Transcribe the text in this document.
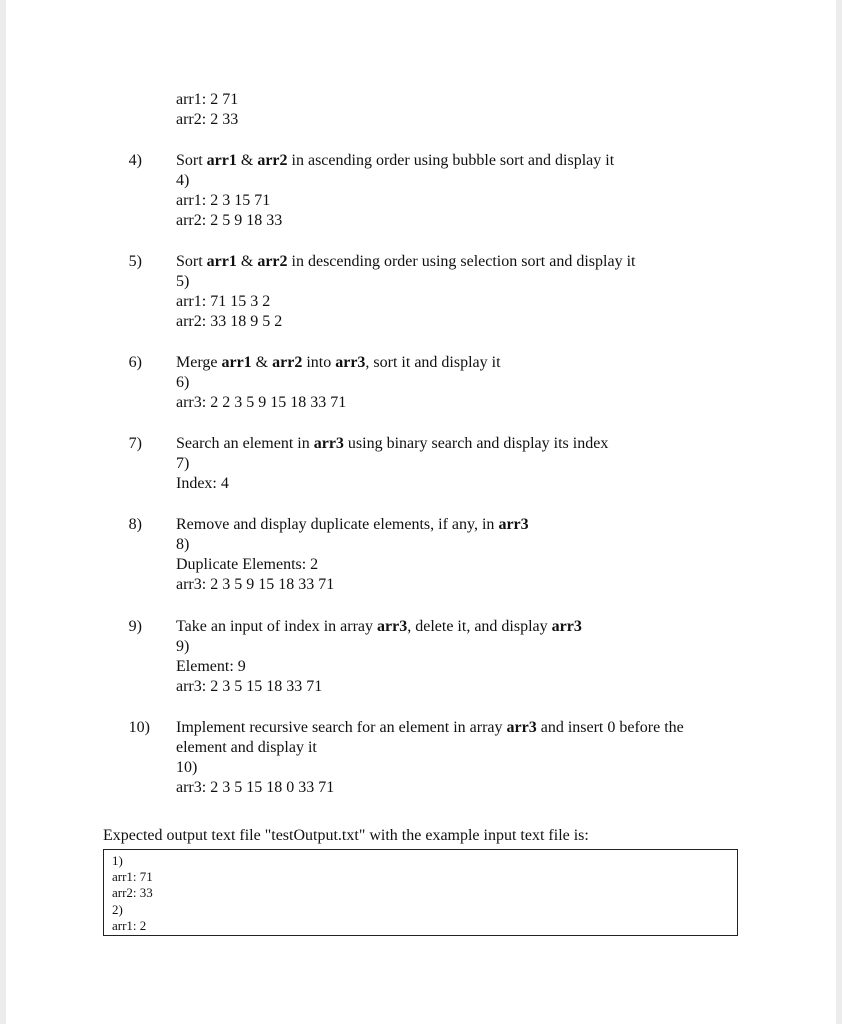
arr1: 2 71
arr2: 2 33
4) Sort arr1 & arr2 in ascending order using bubble sort and display it
4)
arr1: 2 3 15 71
arr2: 2 5 9 18 33
5) Sort arr1 & arr2 in descending order using selection sort and display it
5)
arr1: 71 15 3 2
arr2: 33 18 9 5 2
6) Merge arr1 & arr2 into arr3, sort it and display it
6)
arr3: 2 2 3 5 9 15 18 33 71
7) Search an element in arr3 using binary search and display its index
7)
Index: 4
8) Remove and display duplicate elements, if any, in arr3
8)
Duplicate Elements: 2
arr3: 2 3 5 9 15 18 33 71
9) Take an input of index in array arr3, delete it, and display arr3
9)
Element: 9
arr3: 2 3 5 15 18 33 71
10) Implement recursive search for an element in array arr3 and insert 0 before the
element and display it
10)
arr3: 2 3 5 15 18 0 33 71
Expected output text file "testOutput.txt" with the example input text file is:
1)
arr1: 71
arr2: 33
2)
arr1: 2
